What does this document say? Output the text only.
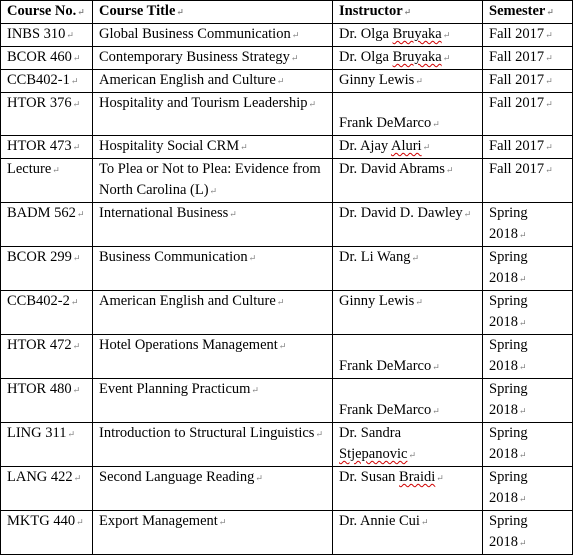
Course No.↵	Course Title↵	Instructor↵	Semester↵
INBS 310↵	Global Business Communication↵	Dr. Olga Bruyaka↵	Fall 2017↵
BCOR 460↵	Contemporary Business Strategy↵	Dr. Olga Bruyaka↵	Fall 2017↵
CCB402-1↵	American English and Culture↵	Ginny Lewis↵	Fall 2017↵
HTOR 376↵	Hospitality and Tourism Leadership↵	Frank DeMarco↵	Fall 2017↵
HTOR 473↵	Hospitality Social CRM↵	Dr. Ajay Aluri↵	Fall 2017↵
Lecture↵	To Plea or Not to Plea: Evidence from North Carolina (L)↵	Dr. David Abrams↵	Fall 2017↵
BADM 562↵	International Business↵	Dr. David D. Dawley↵	Spring 2018↵
BCOR 299↵	Business Communication↵	Dr. Li Wang↵	Spring 2018↵
CCB402-2↵	American English and Culture↵	Ginny Lewis↵	Spring 2018↵
HTOR 472↵	Hotel Operations Management↵	Frank DeMarco↵	Spring 2018↵
HTOR 480↵	Event Planning Practicum↵	Frank DeMarco↵	Spring 2018↵
LING 311↵	Introduction to Structural Linguistics↵	Dr. Sandra Stjepanovic↵	Spring 2018↵
LANG 422↵	Second Language Reading↵	Dr. Susan Braidi↵	Spring 2018↵
MKTG 440↵	Export Management↵	Dr. Annie Cui↵	Spring 2018↵
